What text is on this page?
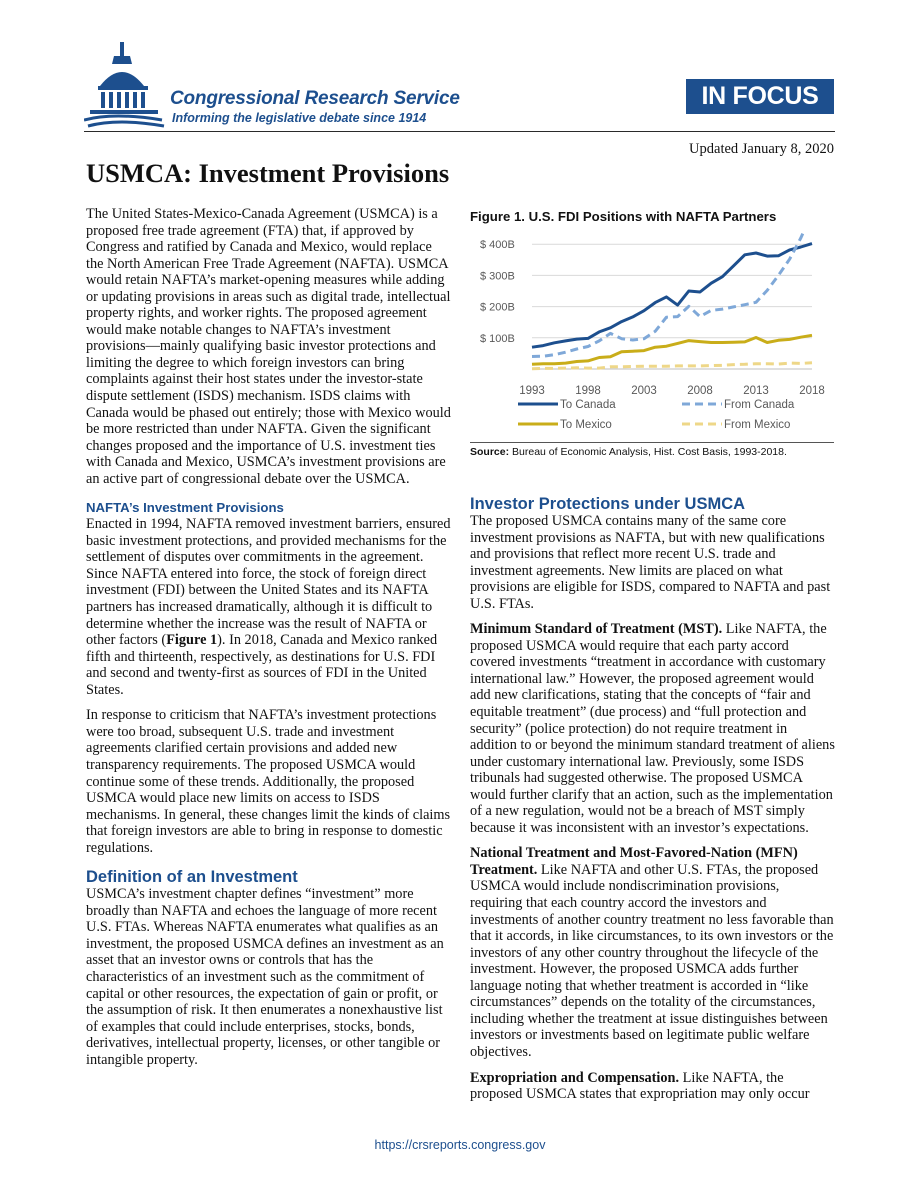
Congressional Research Service
Informing the legislative debate since 1914
IN FOCUS
Updated January 8, 2020
USMCA: Investment Provisions

The United States-Mexico-Canada Agreement (USMCA) is a proposed free trade agreement (FTA) that, if approved by Congress and ratified by Canada and Mexico, would replace the North American Free Trade Agreement (NAFTA). USMCA would retain NAFTA’s market-opening measures while adding or updating provisions in areas such as digital trade, intellectual property rights, and worker rights. The proposed agreement would make notable changes to NAFTA’s investment provisions—mainly qualifying basic investor protections and limiting the degree to which foreign investors can bring complaints against their host states under the investor-state dispute settlement (ISDS) mechanism. ISDS claims with Canada would be phased out entirely; those with Mexico would be more restricted than under NAFTA. Given the significant changes proposed and the importance of U.S. investment ties with Canada and Mexico, USMCA’s investment provisions are an active part of congressional debate over the USMCA.

NAFTA’s Investment Provisions

Enacted in 1994, NAFTA removed investment barriers, ensured basic investment protections, and provided mechanisms for the settlement of disputes over commitments in the agreement. Since NAFTA entered into force, the stock of foreign direct investment (FDI) between the United States and its NAFTA partners has increased dramatically, although it is difficult to determine whether the increase was the result of NAFTA or other factors (Figure 1). In 2018, Canada and Mexico ranked fifth and thirteenth, respectively, as destinations for U.S. FDI and second and twenty-first as sources of FDI in the United States.

In response to criticism that NAFTA’s investment protections were too broad, subsequent U.S. trade and investment agreements clarified certain provisions and added new transparency requirements. The proposed USMCA would continue some of these trends. Additionally, the proposed USMCA would place new limits on access to ISDS mechanisms. In general, these changes limit the kinds of claims that foreign investors are able to bring in response to domestic regulations.

Definition of an Investment

USMCA’s investment chapter defines “investment” more broadly than NAFTA and echoes the language of more recent U.S. FTAs. Whereas NAFTA enumerates what qualifies as an investment, the proposed USMCA defines an investment as an asset that an investor owns or controls that has the characteristics of an investment such as the commitment of capital or other resources, the expectation of gain or profit, or the assumption of risk. It then enumerates a nonexhaustive list of examples that could include enterprises, stocks, bonds, derivatives, intellectual property, licenses, or other tangible or intangible property.

Figure 1. U.S. FDI Positions with NAFTA Partners
$ 100B
$ 200B
$ 300B
$ 400B
1993	1998	2003	2008	2013	2018
To Canada	From Canada
To Mexico	From Mexico
Source: Bureau of Economic Analysis, Hist. Cost Basis, 1993-2018.
Investor Protections under USMCA

The proposed USMCA contains many of the same core investment provisions as NAFTA, but with new qualifications and provisions that reflect more recent U.S. trade and investment agreements. New limits are placed on what provisions are eligible for ISDS, compared to NAFTA and past U.S. FTAs.

Minimum Standard of Treatment (MST). Like NAFTA, the proposed USMCA would require that each party accord covered investments “treatment in accordance with customary international law.” However, the proposed agreement would add new clarifications, stating that the concepts of “fair and equitable treatment” (due process) and “full protection and security” (police protection) do not require treatment in addition to or beyond the minimum standard treatment of aliens under customary international law. Previously, some ISDS tribunals had suggested otherwise. The proposed USMCA would further clarify that an action, such as the implementation of a new regulation, would not be a breach of MST simply because it was inconsistent with an investor’s expectations.

National Treatment and Most-Favored-Nation (MFN) Treatment. Like NAFTA and other U.S. FTAs, the proposed USMCA would include nondiscrimination provisions, requiring that each country accord the investors and investments of another country treatment no less favorable than that it accords, in like circumstances, to its own investors or the investors of any other country throughout the lifecycle of the investment. However, the proposed USMCA adds further language noting that whether treatment is accorded in “like circumstances” depends on the totality of the circumstances, including whether the treatment at issue distinguishes between investors or investments based on legitimate public welfare objectives.

Expropriation and Compensation. Like NAFTA, the proposed USMCA states that expropriation may only occur

https://crsreports.congress.gov
